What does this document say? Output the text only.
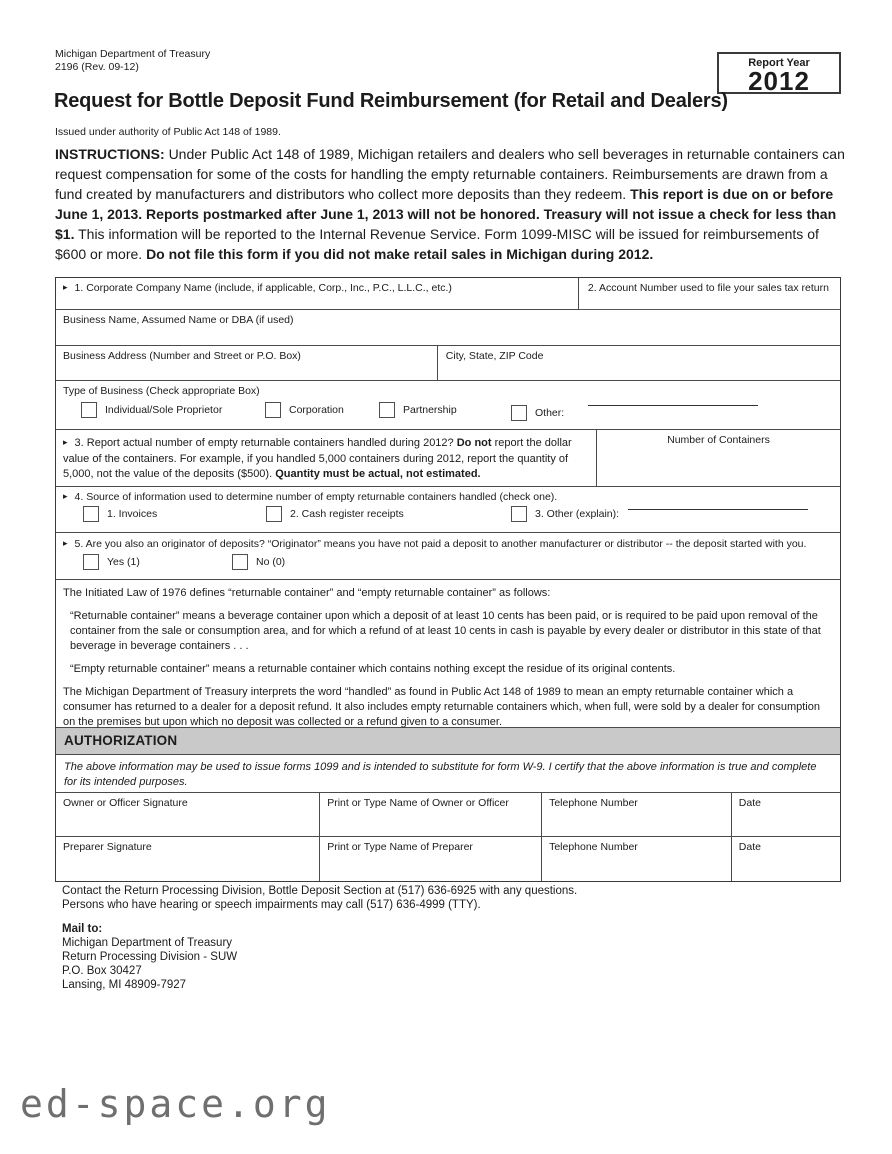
Michigan Department of Treasury
2196 (Rev. 09-12)	Report Year
2012
Request for Bottle Deposit Fund Reimbursement (for Retail and Dealers)
Issued under authority of Public Act 148 of 1989.

INSTRUCTIONS: Under Public Act 148 of 1989, Michigan retailers and dealers who sell beverages in returnable containers can request compensation for some of the costs for handling the empty returnable containers. Reimbursements are drawn from a fund created by manufacturers and distributors who collect more deposits than they redeem. This report is due on or before June 1, 2013. Reports postmarked after June 1, 2013 will not be honored. Treasury will not issue a check for less than $1. This information will be reported to the Internal Revenue Service. Form 1099-MISC will be issued for reimbursements of $600 or more. Do not file this form if you did not make retail sales in Michigan during 2012.

▸ 1. Corporate Company Name (include, if applicable, Corp., Inc., P.C., L.L.C., etc.)	2. Account Number used to file your sales tax return
Business Name, Assumed Name or DBA (if used)
Business Address (Number and Street or P.O. Box)	City, State, ZIP Code
Type of Business (Check appropriate Box)
Individual/Sole Proprietor	Corporation	Partnership	Other:
▸ 3. Report actual number of empty returnable containers handled during 2012? Do not report the dollar value of the containers. For example, if you handled 5,000 containers during 2012, report the quantity of 5,000, not the value of the deposits ($500). Quantity must be actual, not estimated.
Number of Containers
▸ 4. Source of information used to determine number of empty returnable containers handled (check one).
1. Invoices	2. Cash register receipts	3. Other (explain):
▸ 5. Are you also an originator of deposits? “Originator” means you have not paid a deposit to another manufacturer or distributor -- the deposit started with you.
Yes (1)	No (0)

The Initiated Law of 1976 defines “returnable container” and “empty returnable container” as follows:

“Returnable container” means a beverage container upon which a deposit of at least 10 cents has been paid, or is required to be paid upon removal of the container from the sale or consumption area, and for which a refund of at least 10 cents in cash is payable by every dealer or distributor in this state of that beverage in beverage containers . . .

“Empty returnable container” means a returnable container which contains nothing except the residue of its original contents.

The Michigan Department of Treasury interprets the word “handled” as found in Public Act 148 of 1989 to mean an empty returnable container which a consumer has returned to a dealer for a deposit refund. It also includes empty returnable containers which, when full, were sold by a dealer for consumption on the premises but upon which no deposit was collected or a refund given to a consumer.

AUTHORIZATION
The above information may be used to issue forms 1099 and is intended to substitute for form W-9. I certify that the above information is true and complete for its intended purposes.
Owner or Officer Signature	Print or Type Name of Owner or Officer	Telephone Number	Date
Preparer Signature	Print or Type Name of Preparer	Telephone Number	Date
Contact the Return Processing Division, Bottle Deposit Section at (517) 636-6925 with any questions.
Persons who have hearing or speech impairments may call (517) 636-4999 (TTY).
Mail to:
Michigan Department of Treasury
Return Processing Division - SUW
P.O. Box 30427
Lansing, MI 48909-7927
ed-space.org
